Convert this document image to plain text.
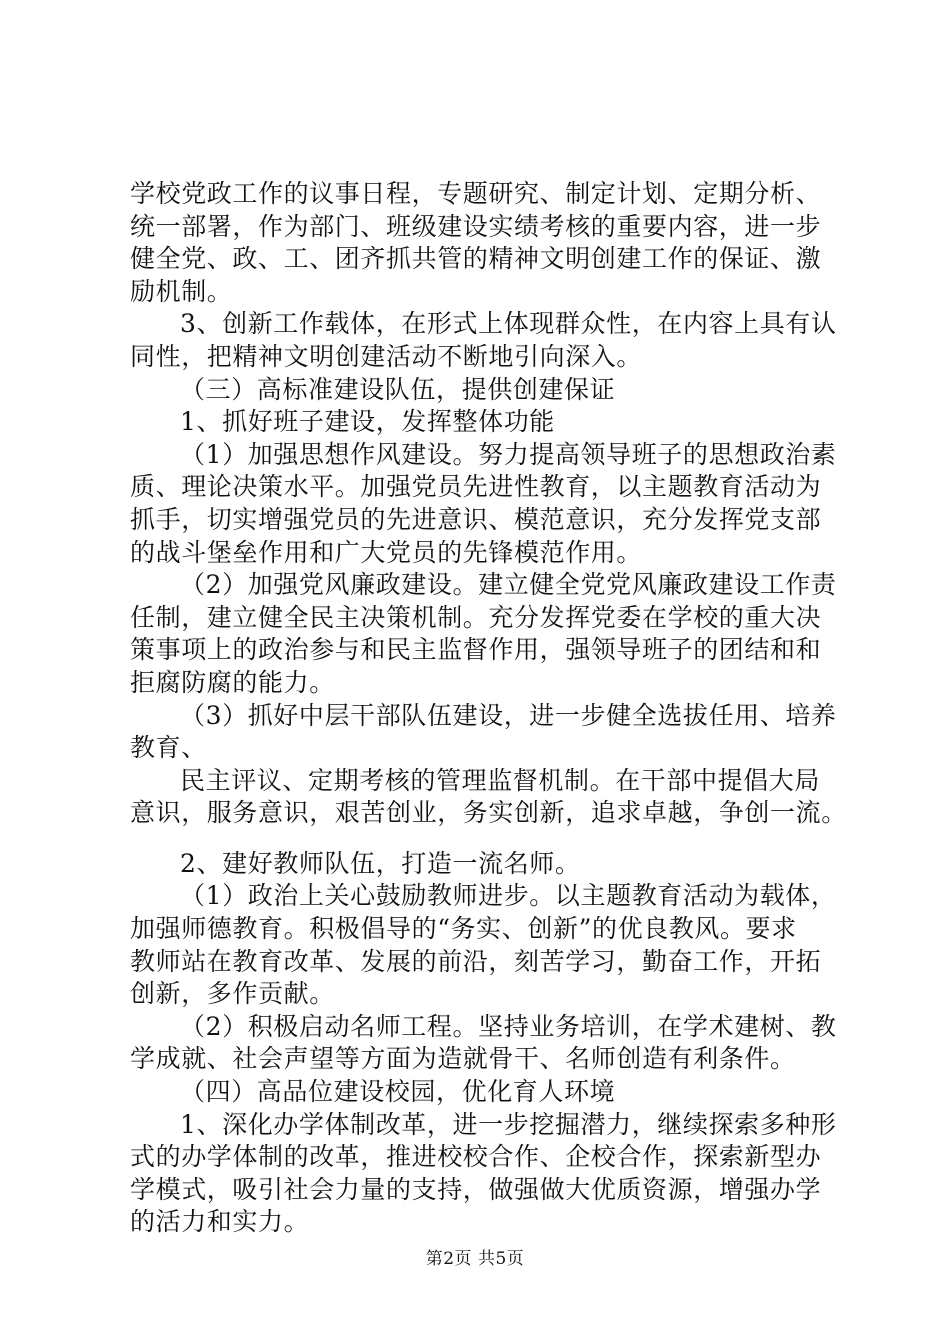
学校党政工作的议事日程，专题研究、制定计划、定期分析、
统一部署，作为部门、班级建设实绩考核的重要内容，进一步
健全党、政、工、团齐抓共管的精神文明创建工作的保证、激
励机制。
3、创新工作载体，在形式上体现群众性，在内容上具有认
同性，把精神文明创建活动不断地引向深入。
（三）高标准建设队伍，提供创建保证
1、抓好班子建设，发挥整体功能
（1）加强思想作风建设。努力提高领导班子的思想政治素
质、理论决策水平。加强党员先进性教育，以主题教育活动为
抓手，切实增强党员的先进意识、模范意识，充分发挥党支部
的战斗堡垒作用和广大党员的先锋模范作用。
（2）加强党风廉政建设。建立健全党党风廉政建设工作责
任制，建立健全民主决策机制。充分发挥党委在学校的重大决
策事项上的政治参与和民主监督作用，强领导班子的团结和和
拒腐防腐的能力。
（3）抓好中层干部队伍建设，进一步健全选拔任用、培养
教育、
民主评议、定期考核的管理监督机制。在干部中提倡大局
意识，服务意识，艰苦创业，务实创新，追求卓越，争创一流。
2、建好教师队伍，打造一流名师。
（1）政治上关心鼓励教师进步。以主题教育活动为载体，
加强师德教育。积极倡导的“务实、创新”的优良教风。要求
教师站在教育改革、发展的前沿，刻苦学习，勤奋工作，开拓
创新，多作贡献。
（2）积极启动名师工程。坚持业务培训，在学术建树、教
学成就、社会声望等方面为造就骨干、名师创造有利条件。
（四）高品位建设校园，优化育人环境
1、深化办学体制改革，进一步挖掘潜力，继续探索多种形
式的办学体制的改革，推进校校合作、企校合作，探索新型办
学模式，吸引社会力量的支持，做强做大优质资源，增强办学
的活力和实力。
第2页 共5页
